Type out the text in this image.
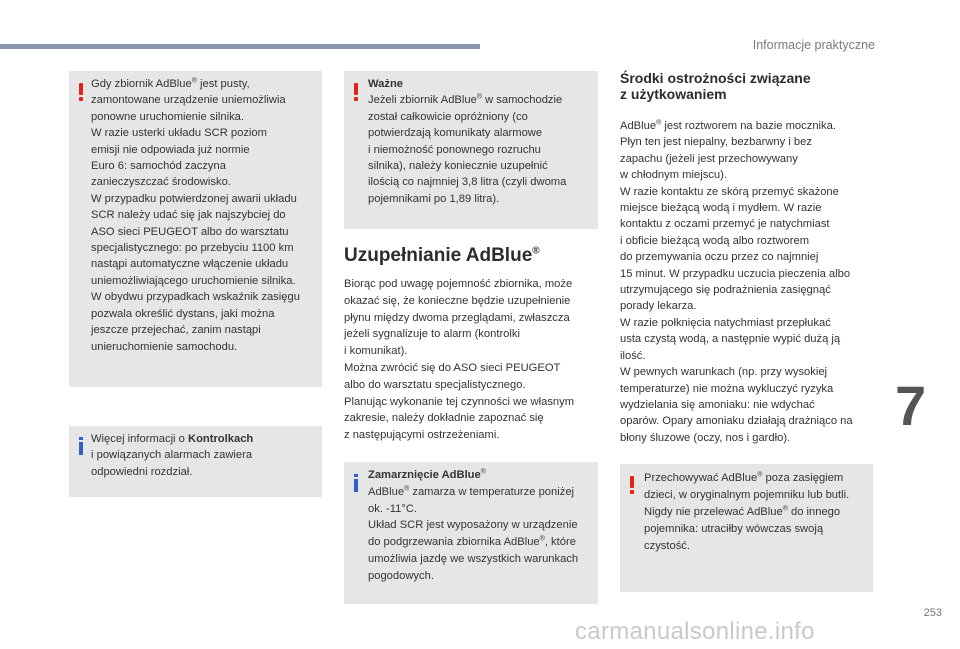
Informacje praktyczne
Gdy zbiornik AdBlue® jest pusty,
zamontowane urządzenie uniemożliwia
ponowne uruchomienie silnika.
W razie usterki układu SCR poziom
emisji nie odpowiada już normie
Euro 6: samochód zaczyna
zanieczyszczać środowisko.
W przypadku potwierdzonej awarii układu
SCR należy udać się jak najszybciej do
ASO sieci PEUGEOT albo do warsztatu
specjalistycznego: po przebyciu 1100 km
nastąpi automatyczne włączenie układu
uniemożliwiającego uruchomienie silnika.
W obydwu przypadkach wskaźnik zasięgu
pozwala określić dystans, jaki można
jeszcze przejechać, zanim nastąpi
unieruchomienie samochodu.
Więcej informacji o Kontrolkach
i powiązanych alarmach zawiera
odpowiedni rozdział.
Ważne
Jeżeli zbiornik AdBlue® w samochodzie
został całkowicie opróżniony (co
potwierdzają komunikaty alarmowe
i niemożność ponownego rozruchu
silnika), należy koniecznie uzupełnić
ilością co najmniej 3,8 litra (czyli dwoma
pojemnikami po 1,89 litra).
Uzupełnianie AdBlue®
Biorąc pod uwagę pojemność zbiornika, może
okazać się, że konieczne będzie uzupełnienie
płynu między dwoma przeglądami, zwłaszcza
jeżeli sygnalizuje to alarm (kontrolki
i komunikat).
Można zwrócić się do ASO sieci PEUGEOT
albo do warsztatu specjalistycznego.
Planując wykonanie tej czynności we własnym
zakresie, należy dokładnie zapoznać się
z następującymi ostrzeżeniami.
Zamarznięcie AdBlue®
AdBlue® zamarza w temperaturze poniżej
ok. -11°C.
Układ SCR jest wyposażony w urządzenie
do podgrzewania zbiornika AdBlue®, które
umożliwia jazdę we wszystkich warunkach
pogodowych.
Środki ostrożności związane
z użytkowaniem
AdBlue® jest roztworem na bazie mocznika.
Płyn ten jest niepalny, bezbarwny i bez
zapachu (jeżeli jest przechowywany
w chłodnym miejscu).
W razie kontaktu ze skórą przemyć skażone
miejsce bieżącą wodą i mydłem. W razie
kontaktu z oczami przemyć je natychmiast
i obficie bieżącą wodą albo roztworem
do przemywania oczu przez co najmniej
15 minut. W przypadku uczucia pieczenia albo
utrzymującego się podrażnienia zasięgnąć
porady lekarza.
W razie połknięcia natychmiast przepłukać
usta czystą wodą, a następnie wypić dużą ją
ilość.
W pewnych warunkach (np. przy wysokiej
temperaturze) nie można wykluczyć ryzyka
wydzielania się amoniaku: nie wdychać
oparów. Opary amoniaku działają drażniąco na
błony śluzowe (oczy, nos i gardło).
Przechowywać AdBlue® poza zasięgiem
dzieci, w oryginalnym pojemniku lub butli.
Nigdy nie przelewać AdBlue® do innego
pojemnika: utraciłby wówczas swoją
czystość.
7
253
carmanualsonline.info
